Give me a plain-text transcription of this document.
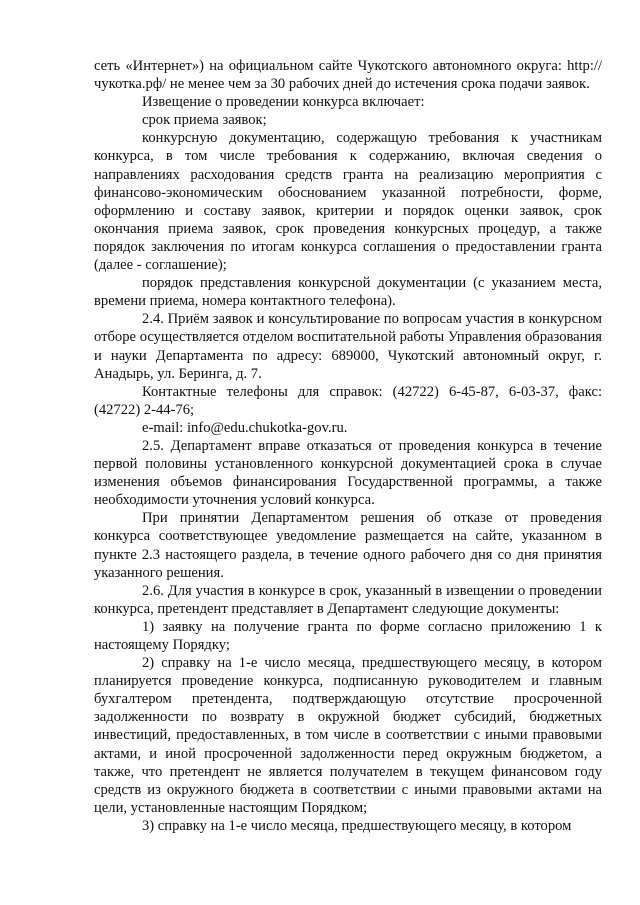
сеть «Интернет») на официальном сайте Чукотского автономного округа: http://чукотка.рф/ не менее чем за 30 рабочих дней до истечения срока подачи заявок.

Извещение о проведении конкурса включает:

срок приема заявок;

конкурсную документацию, содержащую требования к участникам конкурса, в том числе требования к содержанию, включая сведения о направлениях расходования средств гранта на реализацию мероприятия с финансово-экономическим обоснованием указанной потребности, форме, оформлению и составу заявок, критерии и порядок оценки заявок, срок окончания приема заявок, срок проведения конкурсных процедур, а также порядок заключения по итогам конкурса соглашения о предоставлении гранта (далее - соглашение);

порядок представления конкурсной документации (с указанием места, времени приема, номера контактного телефона).

2.4. Приём заявок и консультирование по вопросам участия в конкурсном отборе осуществляется отделом воспитательной работы Управления образования и науки Департамента по адресу: 689000, Чукотский автономный округ, г. Анадырь, ул. Беринга, д. 7.

Контактные телефоны для справок: (42722) 6-45-87, 6-03-37, факс: (42722) 2-44-76;

e-mail: info@edu.chukotka-gov.ru.

2.5. Департамент вправе отказаться от проведения конкурса в течение первой половины установленного конкурсной документацией срока в случае изменения объемов финансирования Государственной программы, а также необходимости уточнения условий конкурса.

При принятии Департаментом решения об отказе от проведения конкурса соответствующее уведомление размещается на сайте, указанном в пункте 2.3 настоящего раздела, в течение одного рабочего дня со дня принятия указанного решения.

2.6. Для участия в конкурсе в срок, указанный в извещении о проведении конкурса, претендент представляет в Департамент следующие документы:

1) заявку на получение гранта по форме согласно приложению 1 к настоящему Порядку;

2) справку на 1-е число месяца, предшествующего месяцу, в котором планируется проведение конкурса, подписанную руководителем и главным бухгалтером претендента, подтверждающую отсутствие просроченной задолженности по возврату в окружной бюджет субсидий, бюджетных инвестиций, предоставленных, в том числе в соответствии с иными правовыми актами, и иной просроченной задолженности перед окружным бюджетом, а также, что претендент не является получателем в текущем финансовом году средств из окружного бюджета в соответствии с иными правовыми актами на цели, установленные настоящим Порядком;

3) справку на 1-е число месяца, предшествующего месяцу, в котором
